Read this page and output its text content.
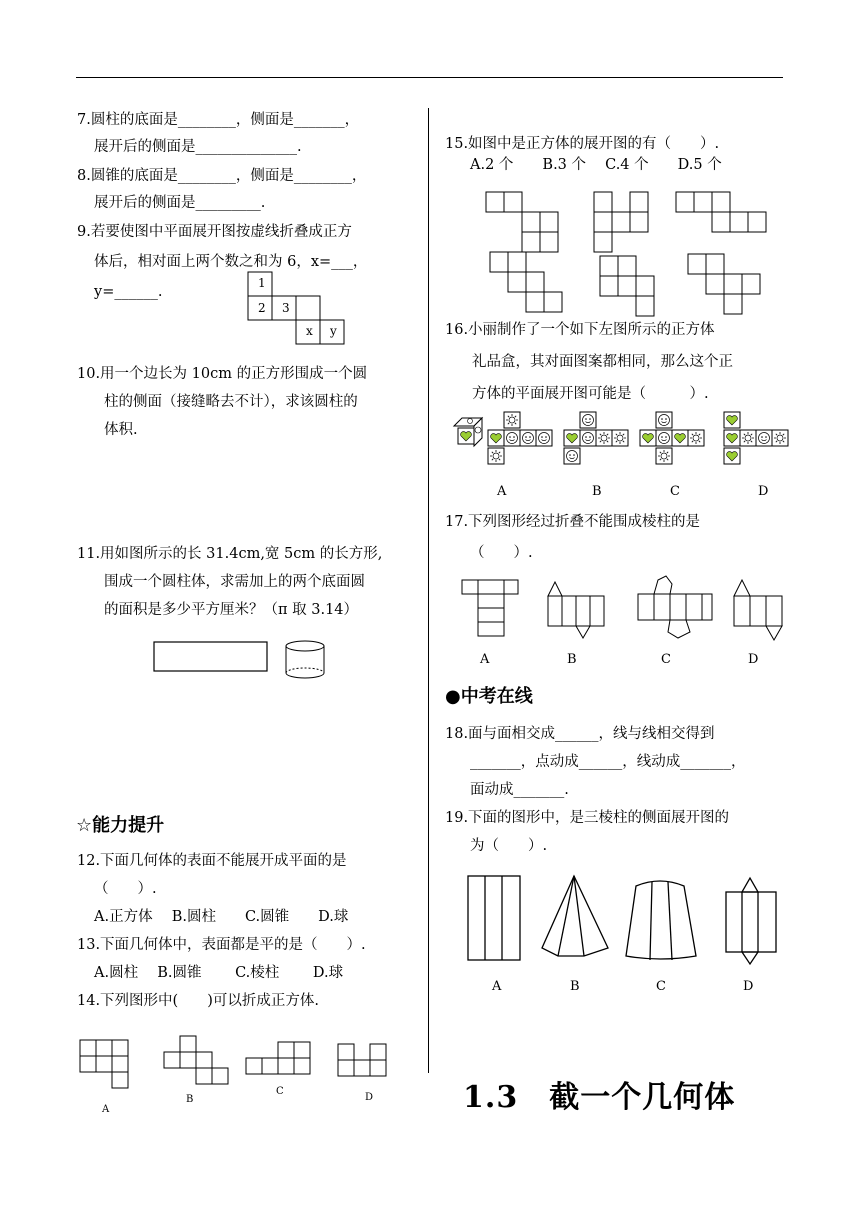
7.圆柱的底面是________，侧面是_______，
展开后的侧面是______________.
8.圆锥的底面是________，侧面是________，
展开后的侧面是_________.
9.若要使图中平面展开图按虚线折叠成正方
体后，相对面上两个数之和为 6，x=___，
y=______.
1
2 3
x y
10.用一个边长为 10cm 的正方形围成一个圆
柱的侧面（接缝略去不计），求该圆柱的
体积.
11.用如图所示的长 31.4cm,宽 5cm 的长方形,
围成一个圆柱体，求需加上的两个底面圆
的面积是多少平方厘米？（π 取 3.14）
☆能力提升
12.下面几何体的表面不能展开成平面的是
（　　）.
A.正方体　 B.圆柱　　C.圆锥　　D.球
13.下面几何体中，表面都是平的是（　　）.
A.圆柱　 B.圆锥　　 C.棱柱　　 D.球
14.下列图形中(　　)可以折成正方体.
A
B
C
D
15.如图中是正方体的展开图的有（　　）.
A.2 个　　B.3 个　 C.4 个　　D.5 个
16.小丽制作了一个如下左图所示的正方体
礼品盒，其对面图案都相同，那么这个正
方体的平面展开图可能是（　　　）.
A	B	C	D
17.下列图形经过折叠不能围成棱柱的是
（　　）.
A	B	C	D
●中考在线
18.面与面相交成______，线与线相交得到
_______，点动成______，线动成_______，
面动成_______.
19.下面的图形中，是三棱柱的侧面展开图的
为（　　）.
A	B	C	D
1.3　截一个几何体
